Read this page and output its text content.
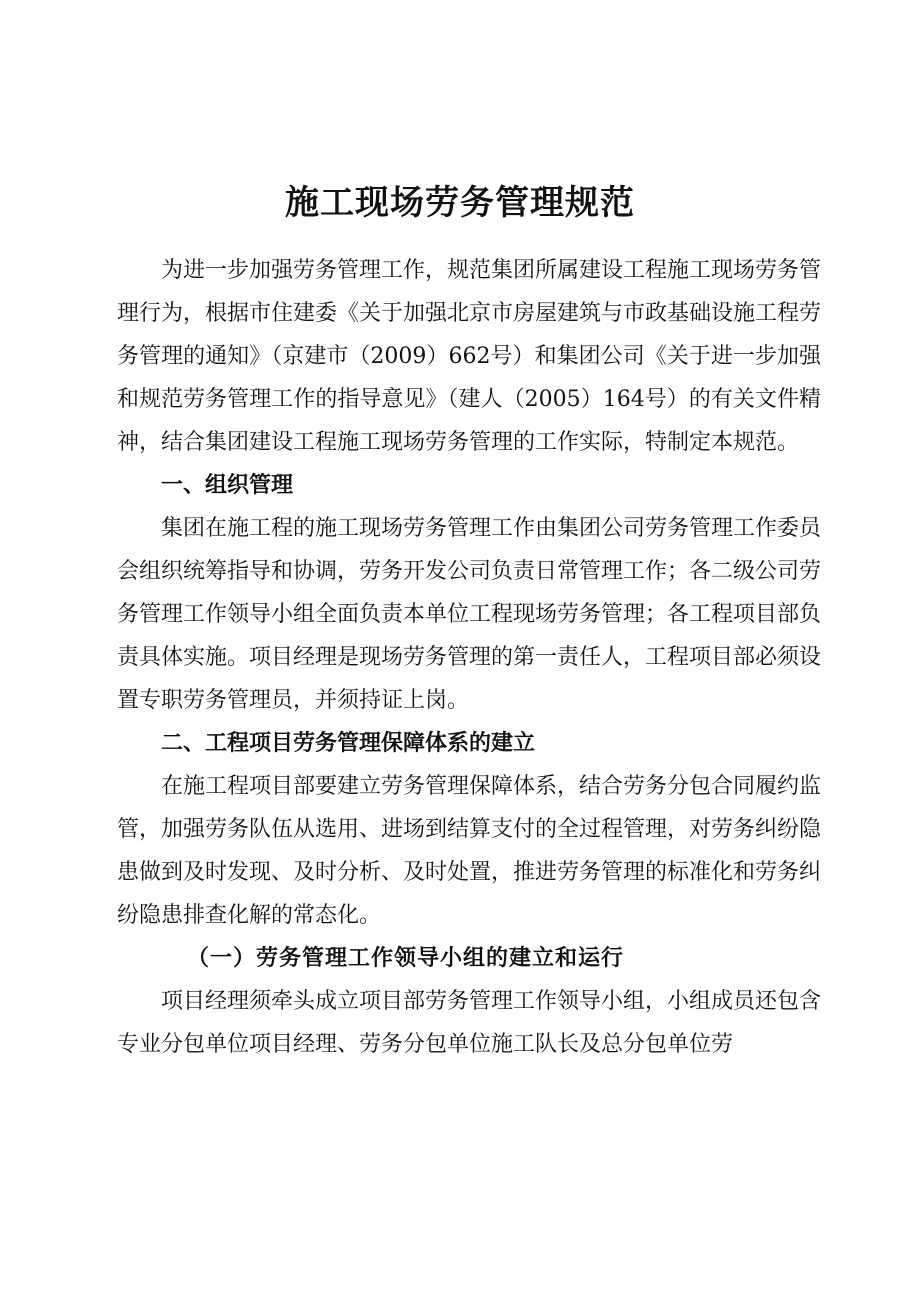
施工现场劳务管理规范

为进一步加强劳务管理工作，规范集团所属建设工程施工现场劳务管理行为，根据市住建委《关于加强北京市房屋建筑与市政基础设施工程劳务管理的通知》（京建市（2009）662号）和集团公司《关于进一步加强和规范劳务管理工作的指导意见》（建人（2005）164号）的有关文件精神，结合集团建设工程施工现场劳务管理的工作实际，特制定本规范。

一、组织管理

集团在施工程的施工现场劳务管理工作由集团公司劳务管理工作委员会组织统筹指导和协调，劳务开发公司负责日常管理工作；各二级公司劳务管理工作领导小组全面负责本单位工程现场劳务管理；各工程项目部负责具体实施。项目经理是现场劳务管理的第一责任人，工程项目部必须设置专职劳务管理员，并须持证上岗。

二、工程项目劳务管理保障体系的建立

在施工程项目部要建立劳务管理保障体系，结合劳务分包合同履约监管，加强劳务队伍从选用、进场到结算支付的全过程管理，对劳务纠纷隐患做到及时发现、及时分析、及时处置，推进劳务管理的标准化和劳务纠纷隐患排查化解的常态化。

（一）劳务管理工作领导小组的建立和运行

项目经理须牵头成立项目部劳务管理工作领导小组，小组成员还包含专业分包单位项目经理、劳务分包单位施工队长及总分包单位劳
